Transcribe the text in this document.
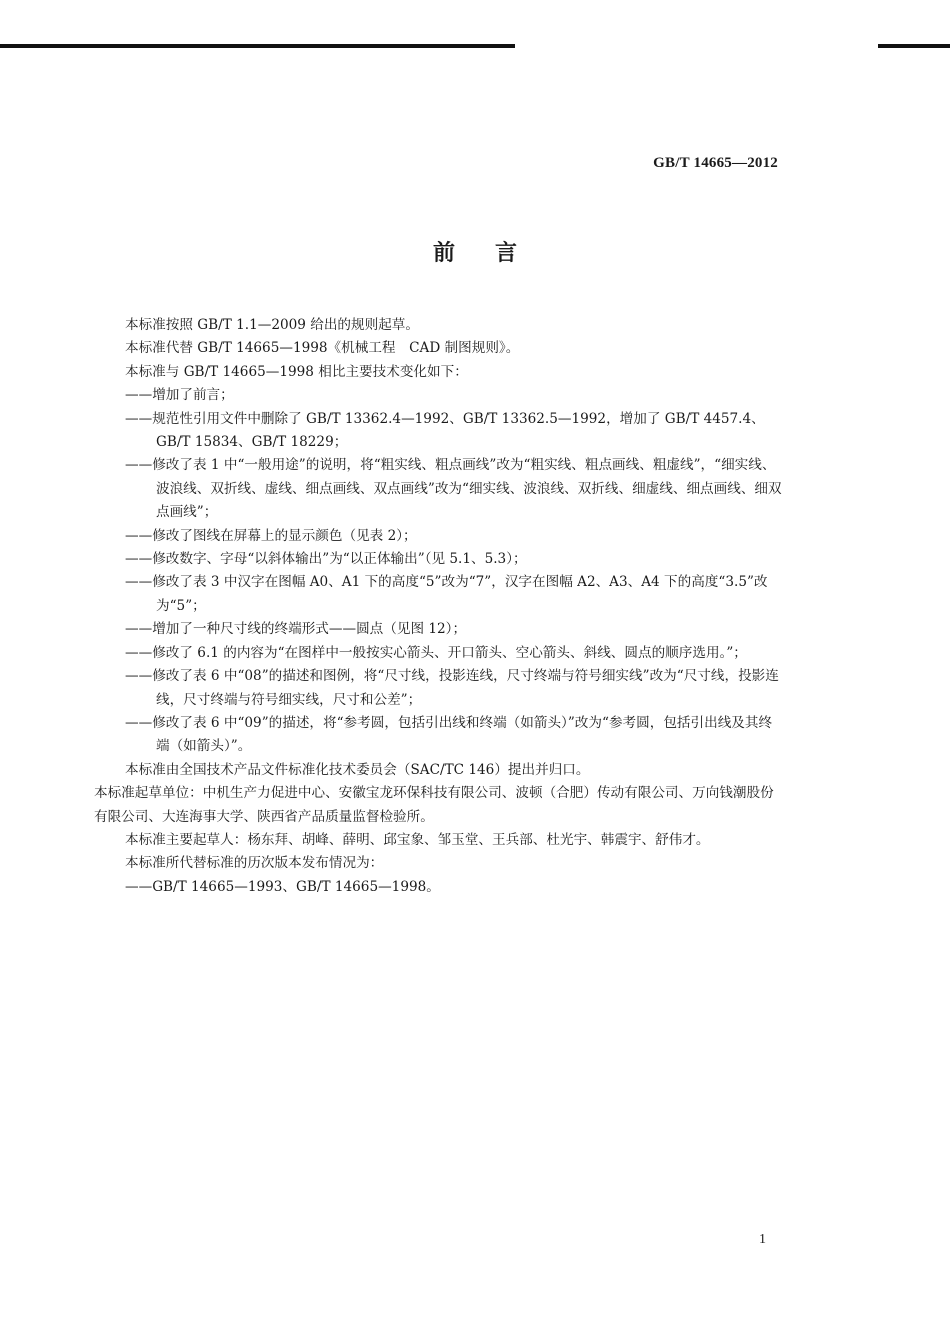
GB/T 14665—2012
前言

本标准按照 GB/T 1.1—2009 给出的规则起草。

本标准代替 GB/T 14665—1998《机械工程　CAD 制图规则》。

本标准与 GB/T 14665—1998 相比主要技术变化如下：

——增加了前言；

——规范性引用文件中删除了 GB/T 13362.4—1992、GB/T 13362.5—1992，增加了 GB/T 4457.4、GB/T 15834、GB/T 18229；

——修改了表 1 中“一般用途”的说明，将“粗实线、粗点画线”改为“粗实线、粗点画线、粗虚线”，“细实线、波浪线、双折线、虚线、细点画线、双点画线”改为“细实线、波浪线、双折线、细虚线、细点画线、细双点画线”；

——修改了图线在屏幕上的显示颜色（见表 2）；

——修改数字、字母“以斜体输出”为“以正体输出”（见 5.1、5.3）；

——修改了表 3 中汉字在图幅 A0、A1 下的高度“5”改为“7”，汉字在图幅 A2、A3、A4 下的高度“3.5”改为“5”；

——增加了一种尺寸线的终端形式——圆点（见图 12）；

——修改了 6.1 的内容为“在图样中一般按实心箭头、开口箭头、空心箭头、斜线、圆点的顺序选用。”；

——修改了表 6 中“08”的描述和图例，将“尺寸线，投影连线，尺寸终端与符号细实线”改为“尺寸线，投影连线，尺寸终端与符号细实线，尺寸和公差”；

——修改了表 6 中“09”的描述，将“参考圆，包括引出线和终端（如箭头）”改为“参考圆，包括引出线及其终端（如箭头）”。

本标准由全国技术产品文件标准化技术委员会（SAC/TC 146）提出并归口。

本标准起草单位：中机生产力促进中心、安徽宝龙环保科技有限公司、波顿（合肥）传动有限公司、万向钱潮股份有限公司、大连海事大学、陕西省产品质量监督检验所。

本标准主要起草人：杨东拜、胡峰、薛明、邱宝象、邹玉堂、王兵部、杜光宇、韩震宇、舒伟才。

本标准所代替标准的历次版本发布情况为：

——GB/T 14665—1993、GB/T 14665—1998。

1
